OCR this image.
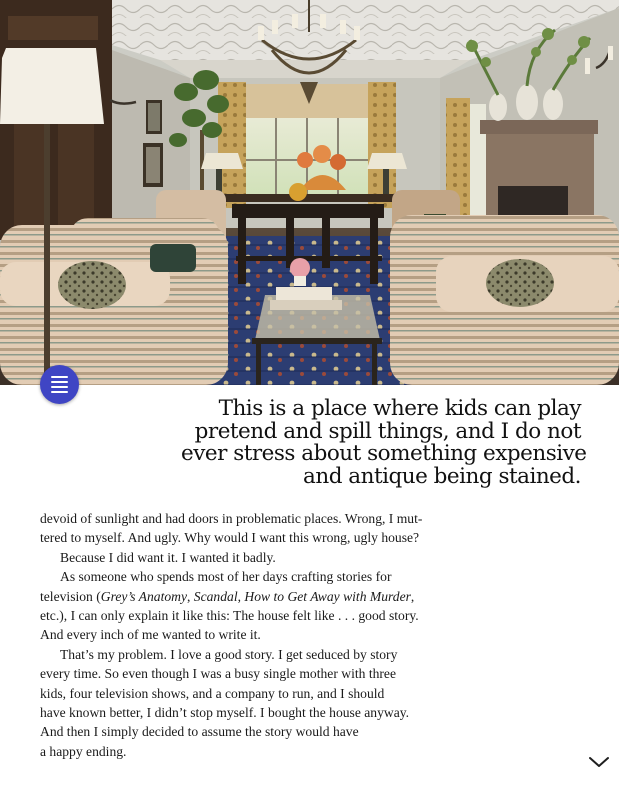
This is a place where kids can play
pretend and spill things, and I do not
ever stress about something expensive
and antique being stained.
devoid of sunlight and had doors in problematic places. Wrong, I mut-
tered to myself. And ugly. Why would I want this wrong, ugly house?
Because I did want it. I wanted it badly.
As someone who spends most of her days crafting stories for
television (Grey’s Anatomy, Scandal, How to Get Away with Murder,
etc.), I can only explain it like this: The house felt like . . . good story.
And every inch of me wanted to write it.
That’s my problem. I love a good story. I get seduced by story
every time. So even though I was a busy single mother with three
kids, four television shows, and a company to run, and I should
have known better, I didn’t stop myself. I bought the house anyway.
And then I simply decided to assume the story would have
a happy ending.
